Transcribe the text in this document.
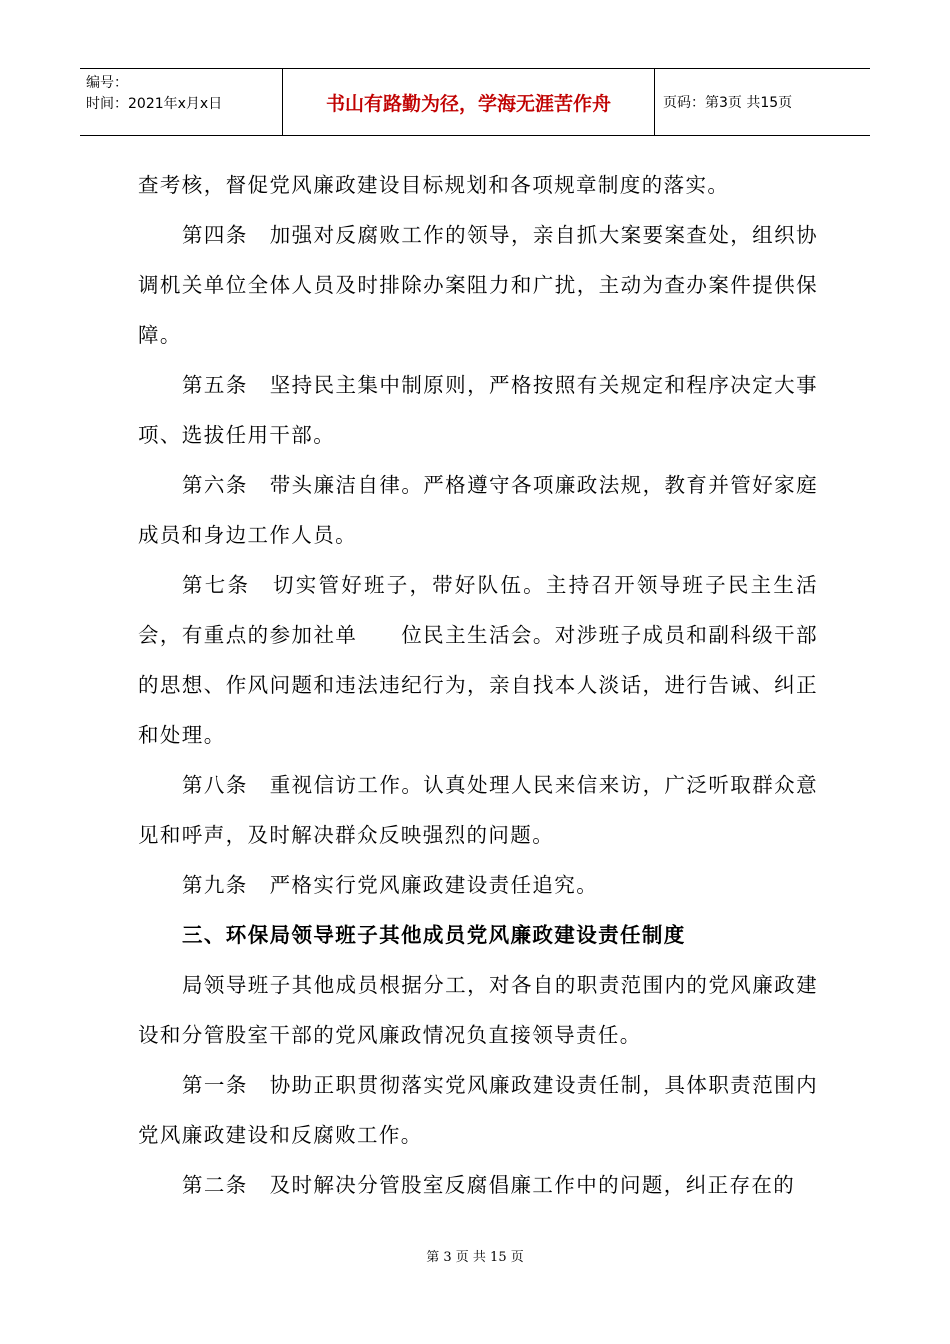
编号：
时间：2021年x月x日	书山有路勤为径，学海无涯苦作舟	页码：第3页 共15页

查考核，督促党风廉政建设目标规划和各项规章制度的落实。

第四条　加强对反腐败工作的领导，亲自抓大案要案查处，组织协调机关单位全体人员及时排除办案阻力和广扰，主动为查办案件提供保障。

第五条　坚持民主集中制原则，严格按照有关规定和程序决定大事项、选拔任用干部。

第六条　带头廉洁自律。严格遵守各项廉政法规，教育并管好家庭成员和身边工作人员。

第七条　切实管好班子，带好队伍。主持召开领导班子民主生活会，有重点的参加社单　　位民主生活会。对涉班子成员和副科级干部的思想、作风问题和违法违纪行为，亲自找本人淡话，进行告诫、纠正和处理。

第八条　重视信访工作。认真处理人民来信来访，广泛听取群众意见和呼声，及时解决群众反映强烈的问题。

第九条　严格实行党风廉政建设责任追究。

三、环保局领导班子其他成员党风廉政建设责任制度

局领导班子其他成员根据分工，对各自的职责范围内的党风廉政建设和分管股室干部的党风廉政情况负直接领导责任。

第一条　协助正职贯彻落实党风廉政建设责任制，具体职责范围内党风廉政建设和反腐败工作。

第二条　及时解决分管股室反腐倡廉工作中的问题，纠正存在的

第 3 页 共 15 页
